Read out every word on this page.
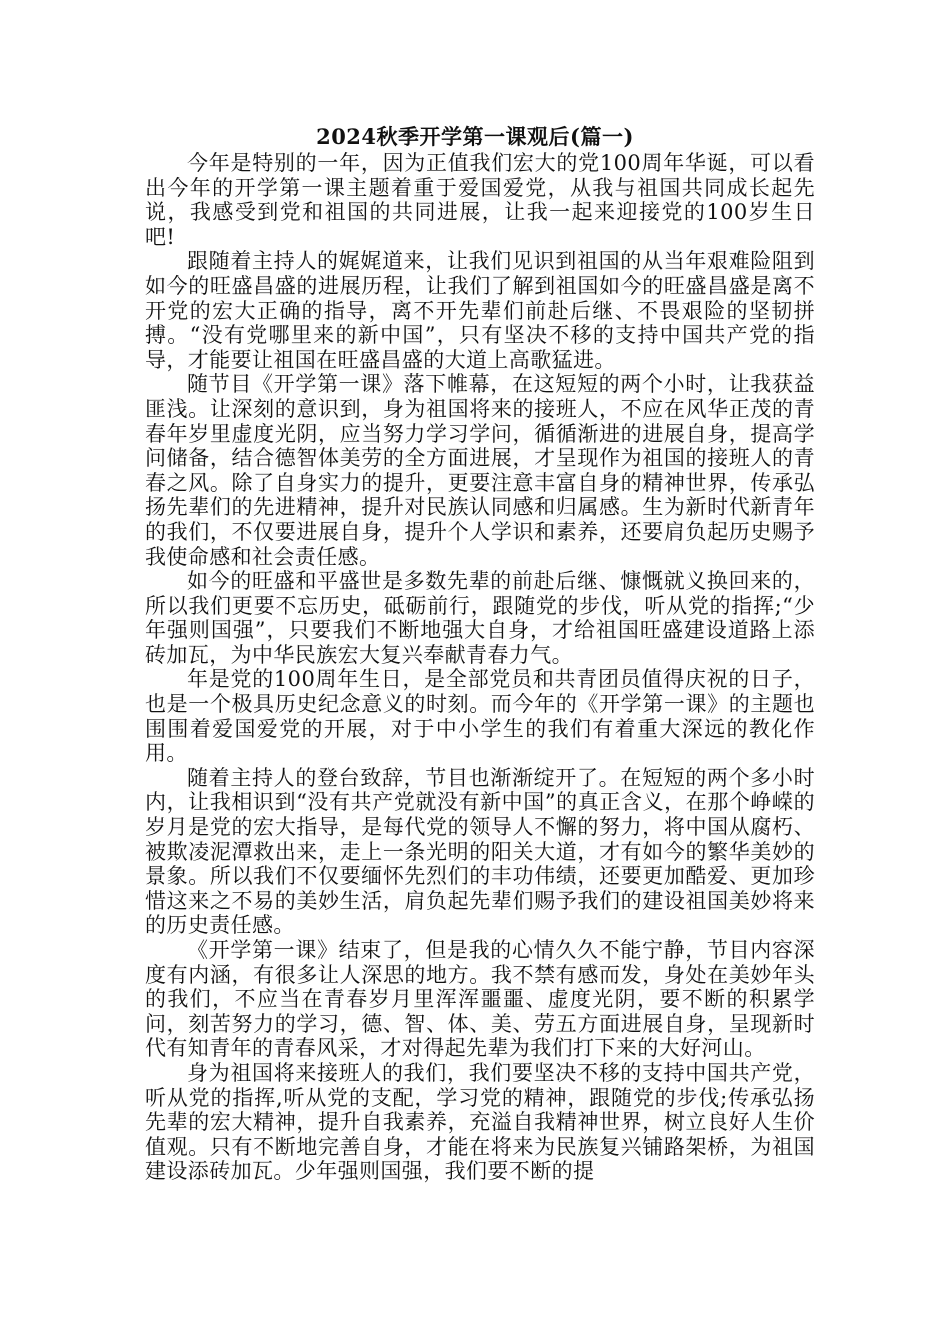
2024秋季开学第一课观后(篇一)

今年是特别的一年，因为正值我们宏大的党100周年华诞，可以看出今年的开学第一课主题着重于爱国爱党，从我与祖国共同成长起先说，我感受到党和祖国的共同进展，让我一起来迎接党的100岁生日吧!

跟随着主持人的娓娓道来，让我们见识到祖国的从当年艰难险阻到如今的旺盛昌盛的进展历程，让我们了解到祖国如今的旺盛昌盛是离不开党的宏大正确的指导，离不开先辈们前赴后继、不畏艰险的坚韧拼搏。“没有党哪里来的新中国”，只有坚决不移的支持中国共产党的指导，才能要让祖国在旺盛昌盛的大道上高歌猛进。

随节目《开学第一课》落下帷幕，在这短短的两个小时，让我获益匪浅。让深刻的意识到，身为祖国将来的接班人，不应在风华正茂的青春年岁里虚度光阴，应当努力学习学问，循循渐进的进展自身，提高学问储备，结合德智体美劳的全方面进展，才呈现作为祖国的接班人的青春之风。除了自身实力的提升，更要注意丰富自身的精神世界，传承弘扬先辈们的先进精神，提升对民族认同感和归属感。生为新时代新青年的我们，不仅要进展自身，提升个人学识和素养，还要肩负起历史赐予我使命感和社会责任感。

如今的旺盛和平盛世是多数先辈的前赴后继、慷慨就义换回来的，所以我们更要不忘历史，砥砺前行，跟随党的步伐，听从党的指挥;“少年强则国强”，只要我们不断地强大自身，才给祖国旺盛建设道路上添砖加瓦，为中华民族宏大复兴奉献青春力气。

年是党的100周年生日，是全部党员和共青团员值得庆祝的日子，也是一个极具历史纪念意义的时刻。而今年的《开学第一课》的主题也围围着爱国爱党的开展，对于中小学生的我们有着重大深远的教化作用。

随着主持人的登台致辞，节目也渐渐绽开了。在短短的两个多小时内，让我相识到“没有共产党就没有新中国”的真正含义，在那个峥嵘的岁月是党的宏大指导，是每代党的领导人不懈的努力，将中国从腐朽、被欺凌泥潭救出来，走上一条光明的阳关大道，才有如今的繁华美妙的景象。所以我们不仅要缅怀先烈们的丰功伟绩，还要更加酷爱、更加珍惜这来之不易的美妙生活，肩负起先辈们赐予我们的建设祖国美妙将来的历史责任感。

《开学第一课》结束了，但是我的心情久久不能宁静，节目内容深度有内涵，有很多让人深思的地方。我不禁有感而发，身处在美妙年头的我们，不应当在青春岁月里浑浑噩噩、虚度光阴，要不断的积累学问，刻苦努力的学习，德、智、体、美、劳五方面进展自身，呈现新时代有知青年的青春风采，才对得起先辈为我们打下来的大好河山。

身为祖国将来接班人的我们，我们要坚决不移的支持中国共产党，听从党的指挥,听从党的支配，学习党的精神，跟随党的步伐;传承弘扬先辈的宏大精神，提升自我素养，充溢自我精神世界，树立良好人生价值观。只有不断地完善自身，才能在将来为民族复兴铺路架桥，为祖国建设添砖加瓦。少年强则国强，我们要不断的提
